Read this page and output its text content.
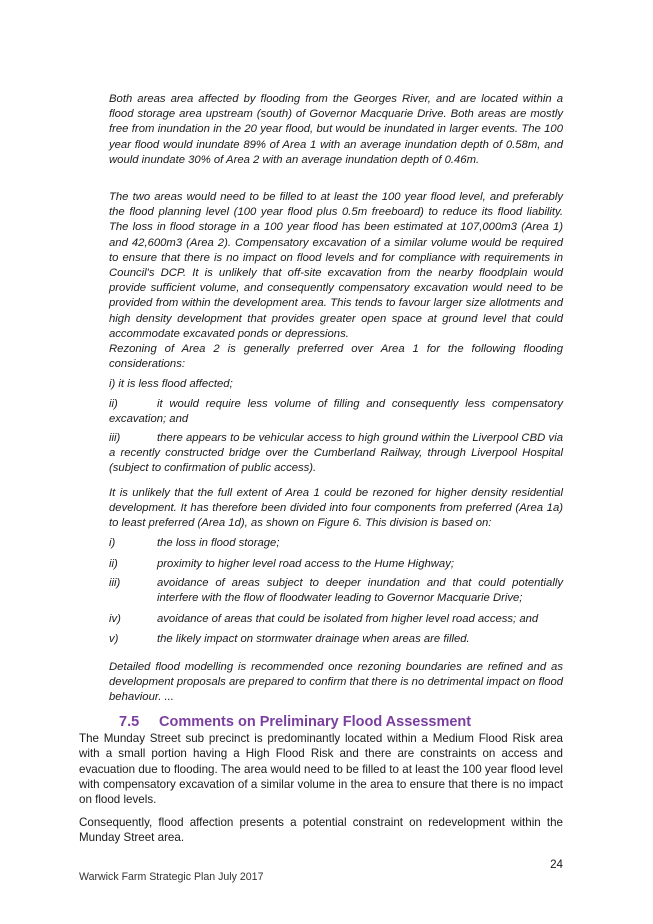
Both areas area affected by flooding from the Georges River, and are located within a flood storage area upstream (south) of Governor Macquarie Drive. Both areas are mostly free from inundation in the 20 year flood, but would be inundated in larger events. The 100 year flood would inundate 89% of Area 1 with an average inundation depth of 0.58m, and would inundate 30% of Area 2 with an average inundation depth of 0.46m.

The two areas would need to be filled to at least the 100 year flood level, and preferably the flood planning level (100 year flood plus 0.5m freeboard) to reduce its flood liability. The loss in flood storage in a 100 year flood has been estimated at 107,000m3 (Area 1) and 42,600m3 (Area 2). Compensatory excavation of a similar volume would be required to ensure that there is no impact on flood levels and for compliance with requirements in Council's DCP. It is unlikely that off-site excavation from the nearby floodplain would provide sufficient volume, and consequently compensatory excavation would need to be provided from within the development area. This tends to favour larger size allotments and high density development that provides greater open space at ground level that could accommodate excavated ponds or depressions.

Rezoning of Area 2 is generally preferred over Area 1 for the following flooding considerations:

i) it is less flood affected;
ii)	it would require less volume of filling and consequently less compensatory excavation; and
iii)	there appears to be vehicular access to high ground within the Liverpool CBD via a recently constructed bridge over the Cumberland Railway, through Liverpool Hospital (subject to confirmation of public access).

It is unlikely that the full extent of Area 1 could be rezoned for higher density residential development. It has therefore been divided into four components from preferred (Area 1a) to least preferred (Area 1d), as shown on Figure 6. This division is based on:

i)	the loss in flood storage;
ii)	proximity to higher level road access to the Hume Highway;
iii)	avoidance of areas subject to deeper inundation and that could potentially interfere with the flow of floodwater leading to Governor Macquarie Drive;
iv)	avoidance of areas that could be isolated from higher level road access; and
v)	the likely impact on stormwater drainage when areas are filled.

Detailed flood modelling is recommended once rezoning boundaries are refined and as development proposals are prepared to confirm that there is no detrimental impact on flood behaviour. ...

7.5 Comments on Preliminary Flood Assessment

The Munday Street sub precinct is predominantly located within a Medium Flood Risk area with a small portion having a High Flood Risk and there are constraints on access and evacuation due to flooding. The area would need to be filled to at least the 100 year flood level with compensatory excavation of a similar volume in the area to ensure that there is no impact on flood levels.

Consequently, flood affection presents a potential constraint on redevelopment within the Munday Street area.

24
Warwick Farm Strategic Plan July 2017
